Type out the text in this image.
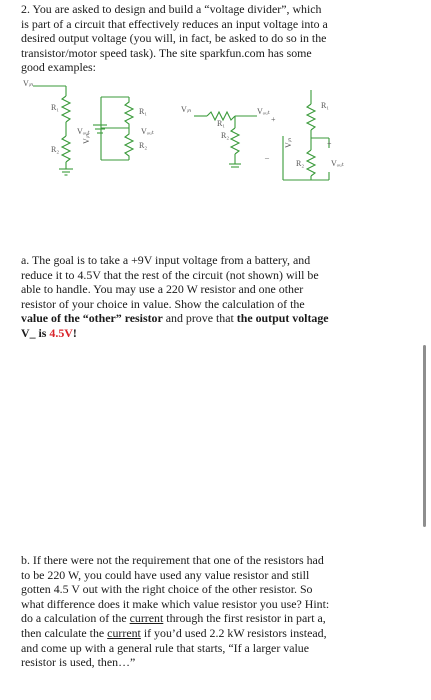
2. You are asked to design and build a “voltage divider”, which
is part of a circuit that effectively reduces an input voltage into a
desired output voltage (you will, in fact, be asked to do so in the
transistor/motor speed task). The site sparkfun.com has some
good examples:
Vᵢₙ
R₁
R₂
Vₒᵤₜ
Vᵢₙ
R₁
R₂
Vₒᵤₜ
Vᵢₙ
R₁
R₂
Vₒᵤₜ
+
–
R₁
Vᵢₙ
R₂	Vₒᵤₜ
+
a. The goal is to take a +9V input voltage from a battery, and
reduce it to 4.5V that the rest of the circuit (not shown) will be
able to handle. You may use a 220 W resistor and one other
resistor of your choice in value. Show the calculation of the
value of the “other” resistor and prove that the output voltage
V_ is 4.5V!
b. If there were not the requirement that one of the resistors had
to be 220 W, you could have used any value resistor and still
gotten 4.5 V out with the right choice of the other resistor. So
what difference does it make which value resistor you use? Hint:
do a calculation of the current through the first resistor in part a,
then calculate the current if you’d used 2.2 kW resistors instead,
and come up with a general rule that starts, “If a larger value
resistor is used, then…”
